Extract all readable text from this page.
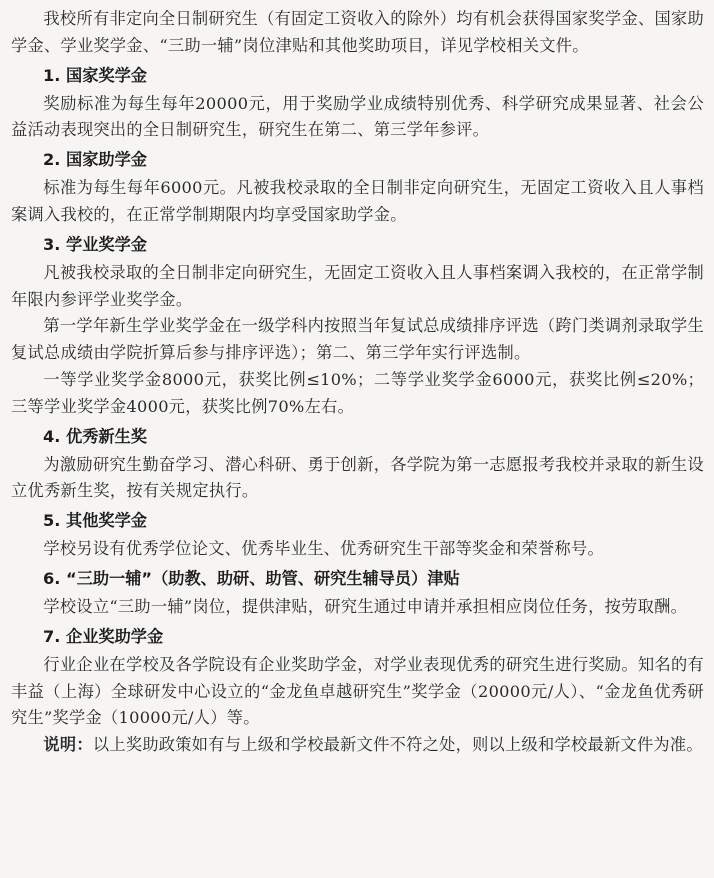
我校所有非定向全日制研究生（有固定工资收入的除外）均有机会获得国家奖学金、国家助学金、学业奖学金、“三助一辅”岗位津贴和其他奖助项目，详见学校相关文件。

1. 国家奖学金

奖励标准为每生每年20000元，用于奖励学业成绩特别优秀、科学研究成果显著、社会公益活动表现突出的全日制研究生，研究生在第二、第三学年参评。

2. 国家助学金

标准为每生每年6000元。凡被我校录取的全日制非定向研究生，无固定工资收入且人事档案调入我校的，在正常学制期限内均享受国家助学金。

3. 学业奖学金

凡被我校录取的全日制非定向研究生，无固定工资收入且人事档案调入我校的，在正常学制年限内参评学业奖学金。

第一学年新生学业奖学金在一级学科内按照当年复试总成绩排序评选（跨门类调剂录取学生复试总成绩由学院折算后参与排序评选）；第二、第三学年实行评选制。

一等学业奖学金8000元，获奖比例≤10%；二等学业奖学金6000元，获奖比例≤20%；三等学业奖学金4000元，获奖比例70%左右。

4. 优秀新生奖

为激励研究生勤奋学习、潜心科研、勇于创新，各学院为第一志愿报考我校并录取的新生设立优秀新生奖，按有关规定执行。

5. 其他奖学金

学校另设有优秀学位论文、优秀毕业生、优秀研究生干部等奖金和荣誉称号。

6. “三助一辅”（助教、助研、助管、研究生辅导员）津贴

学校设立“三助一辅”岗位，提供津贴，研究生通过申请并承担相应岗位任务，按劳取酬。

7. 企业奖助学金

行业企业在学校及各学院设有企业奖助学金，对学业表现优秀的研究生进行奖励。知名的有丰益（上海）全球研发中心设立的“金龙鱼卓越研究生”奖学金（20000元/人）、“金龙鱼优秀研究生”奖学金（10000元/人）等。

说明：以上奖助政策如有与上级和学校最新文件不符之处，则以上级和学校最新文件为准。
